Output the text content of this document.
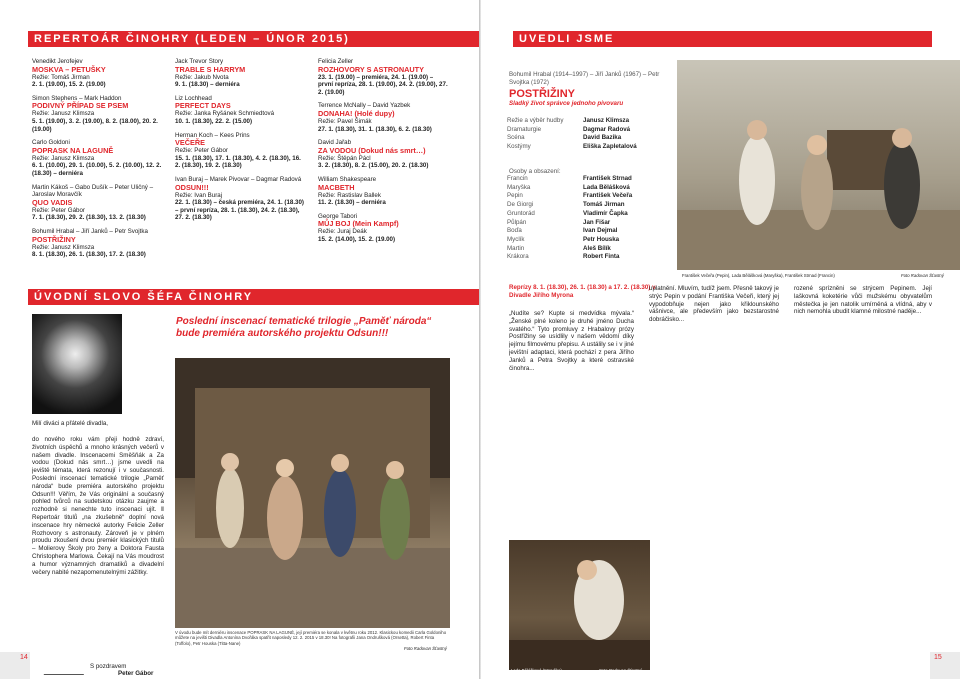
REPERTOÁR ČINOHRY (LEDEN – ÚNOR 2015)
Venedikt Jerofejev
MOSKVA – PETUŠKY
Režie: Tomáš Jirman
2. 1. (19.00), 15. 2. (19.00)
Simon Stephens – Mark Haddon
PODIVNÝ PŘÍPAD SE PSEM
Režie: Janusz Klimsza
5. 1. (19.00), 3. 2. (19.00), 8. 2. (18.00), 20. 2. (19.00)
Carlo Goldoni
POPRASK NA LAGUNĚ
Režie: Janusz Klimsza
6. 1. (10.00), 29. 1. (10.00), 5. 2. (10.00), 12. 2. (18.30) – derniéra
Martin Kákoš – Gabo Dušík – Peter Uličný – Jaroslav Moravčík
QUO VADIS
Režie: Peter Gábor
7. 1. (18.30), 29. 2. (18.30), 13. 2. (18.30)
Bohumil Hrabal – Jiří Janků – Petr Svojtka
POSTŘIŽINY
Režie: Janusz Klimsza
8. 1. (18.30), 26. 1. (18.30), 17. 2. (18.30)
Jack Trevor Story
TRABLE S HARRYM
Režie: Jakub Nvota
9. 1. (18.30) – derniéra
Liz Lochhead
PERFECT DAYS
Režie: Janka Ryšánek Schmiedtová
10. 1. (18.30), 22. 2. (15.00)
Herman Koch – Kees Prins
VEČEŘE
Režie: Peter Gábor
15. 1. (18.30), 17. 1. (18.30), 4. 2. (18.30), 16. 2. (18.30), 19. 2. (18.30)
Ivan Buraj – Marek Pivovar – Dagmar Radová
ODSUN!!!
Režie: Ivan Buraj
22. 1. (18.30) – česká premiéra, 24. 1. (18.30) – první repríza, 28. 1. (18.30), 24. 2. (18.30), 27. 2. (18.30)
Felicia Zeller
ROZHOVORY S ASTRONAUTY
23. 1. (19.00) – premiéra, 24. 1. (19.00) – první repríza, 28. 1. (19.00), 24. 2. (19.00), 27. 2. (19.00)
Terrence McNally – David Yazbek
DONAHA! (Holé dupy)
Režie: Pavel Šimák
27. 1. (18.30), 31. 1. (18.30), 6. 2. (18.30)
David Jařab
ZA VODOU (Dokud nás smrt…)
Režie: Štěpán Pácl
3. 2. (18.30), 8. 2. (15.00), 20. 2. (18.30)
William Shakespeare
MACBETH
Režie: Rastislav Ballek
11. 2. (18.30) – derniéra
George Tabori
MŮJ BOJ (Mein Kampf)
Režie: Juraj Deák
15. 2. (14.00), 15. 2. (19.00)
ÚVODNÍ SLOVO ŠÉFA ČINOHRY
Poslední inscenací tematické trilogie „Paměť národa“ bude premiéra autorského projektu Odsun!!!
Milí diváci a přátelé divadla,
do nového roku vám přeji hodně zdraví, životních úspěchů a mnoho krásných večerů v našem divadle. Inscenacemi Směšňák a Za vodou (Dokud nás smrt…) jsme uvedli na jeviště témata, která rezonují i v současnosti. Poslední inscenací tematické trilogie „Paměť národa“ bude premiéra autorského projektu Odsun!!! Věřím, že Vás originální a současný pohled tvůrců na sudetskou otázku zaujme a rozhodně si nenechte tuto inscenaci ujít. Ⅱ Repertoár titulů „na zkušebně“ doplní nová inscenace hry německé autorky Felicie Zeller Rozhovory s astronauty. Zároveň je v plném proudu zkoušení dvou premiér klasických titulů – Molierovy Školy pro ženy a Doktora Fausta Christophera Marlowa. Čekají na Vás moudrost a humor významných dramatiků a divadelní večery nabité nezapomenutelnými zážitky.
S pozdravem
Peter Gábor
V úvodu bude mít derniéru inscenace POPRASK NA LAGUNĚ, její premiéra se konala v květnu roku 2012. Klasickou komedii Carla Goldoniho můžete na jevišti Divadla Antonína Dvořáka spatřit naposledy 12. 2. 2015 v 18.30! Na fotografii Jana Ondrušková (Orsetta), Robert Finta (Toffolo), Petr Houska (Titta-Nane)
Foto Radovan Šťastný
14
UVEDLI JSME
Bohumil Hrabal (1914–1997) – Jiří Janků (1967) – Petr Svojtka (1972)
POSTŘIŽINY
Sladký život správce jednoho pivovaru
Režie a výběr hudby	Janusz Klimsza
Dramaturgie	Dagmar Radová
Scéna	David Bazika
Kostýmy	Eliška Zapletalová
Osoby a obsazení:
Francin	František Strnad
Maryška	Lada Bělášková
Pepin	František Večeřa
De Giorgi	Tomáš Jirman
Gruntorád	Vladimír Čapka
Půlpán	Jan Fišar
Boďa	Ivan Dejmal
Myclík	Petr Houska
Martin	Aleš Bílík
Krákora	Robert Finta
Reprízy 8. 1. (18.30), 26. 1. (18.30) a 17. 2. (18.30) v Divadle Jiřího Myrona
„Nudíte se? Kupte si medvídka mývala.“ „Ženské plné koleno je druhé jméno Ducha svatého.“ Tyto promluvy z Hrabalovy prózy Postřižiny se usídlily v našem vědomí díky jejímu filmovému přepisu. A ustálily se i v jiné jevištní adaptaci, která pochází z pera Jiřího Janků a Petra Svojtky a které ostravské činohra...
František Večeřa (Pepin), Lada Bělášková (Maryška), František Strnad (Francin)	Foto Radovan Šťastný
uplatnění. Mluvím, tudíž jsem. Přesně takový je strýc Pepin v podání Františka Večeři, který jej vypodobňuje nejen jako křiklounského vášnivce, ale především jako bezstarostné dobráčisko...
rozené sprízněni se strýcem Pepinem. Její laškovná koketérie vůči mužskému obyvatelům městečka je jen natolik umírněná a vlídná, aby v nich nemohla ubudit klamné milostné naděje...
Lada Bělášková (Maryška)	Foto Radovan Šťastný
15
